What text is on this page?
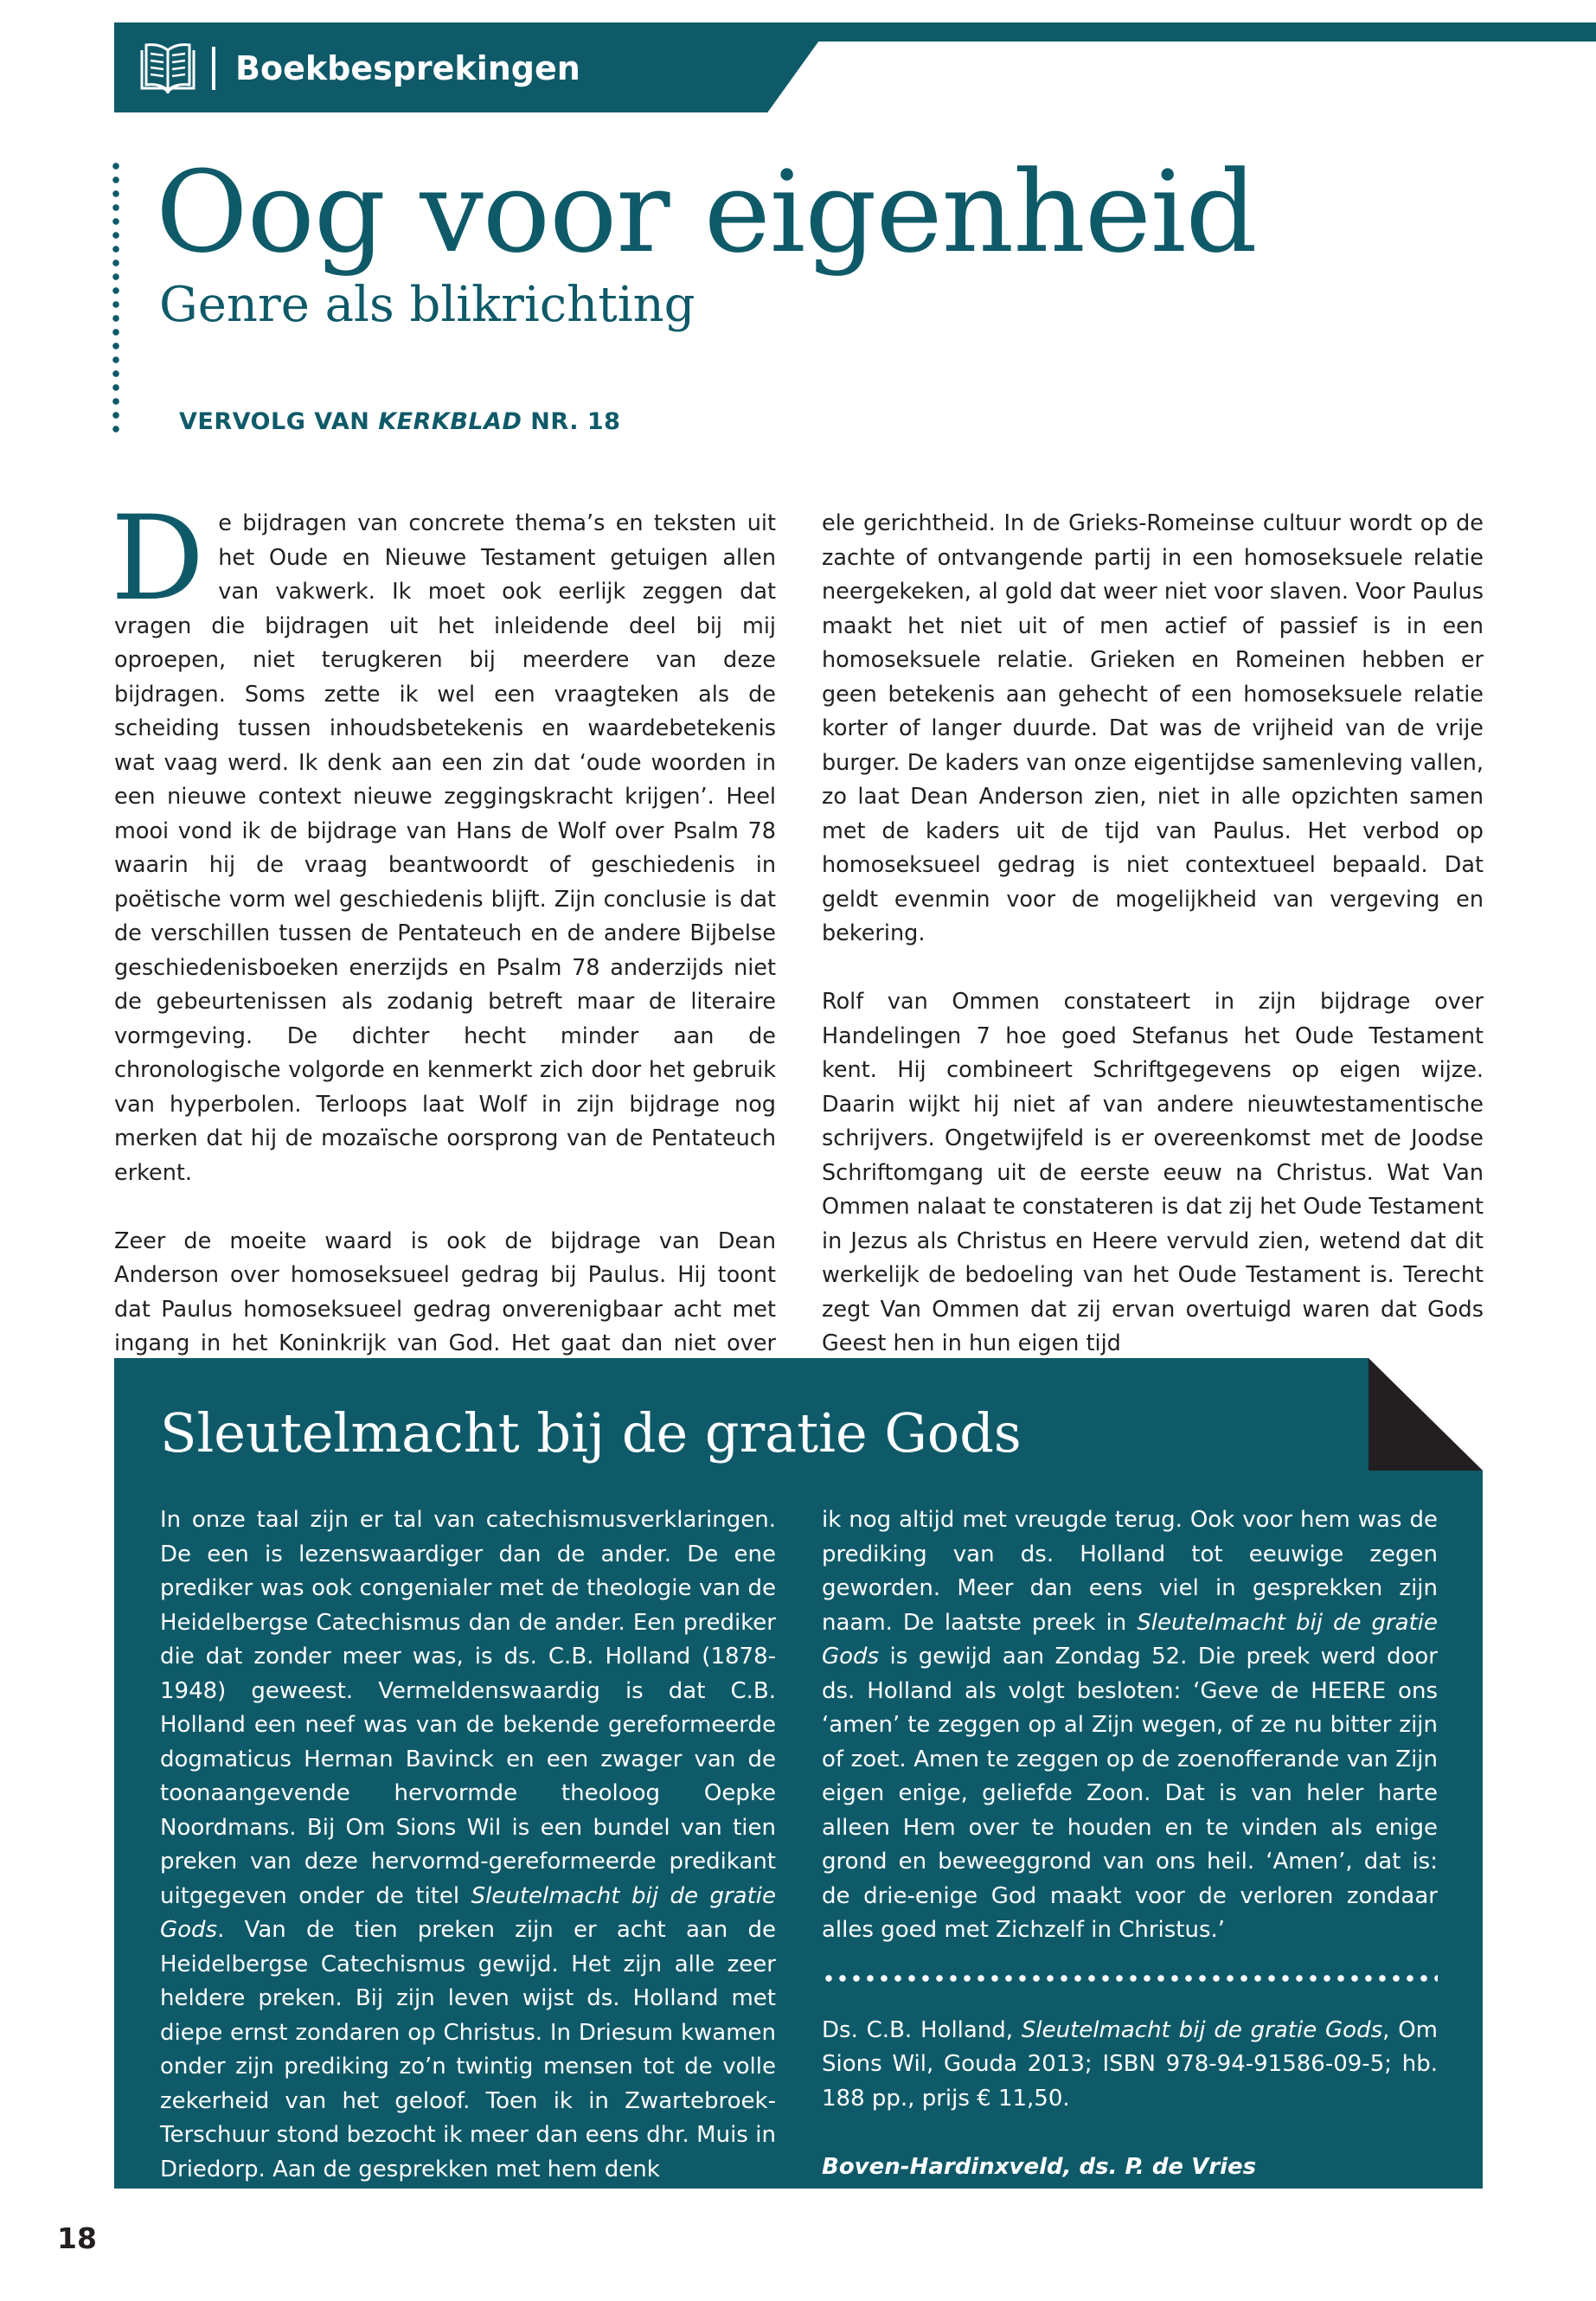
Boekbesprekingen
Oog voor eigenheid
Genre als blikrichting
VERVOLG VAN KERKBLAD NR. 18

De bijdragen van concrete thema’s en teksten uit het Oude en Nieuwe Testament getuigen allen van vakwerk. Ik moet ook eerlijk zeggen dat vragen die bijdragen uit het inleidende deel bij mij oproepen, niet terugkeren bij meerdere van deze bijdragen. Soms zette ik wel een vraagteken als de scheiding tussen inhoudsbetekenis en waardebetekenis wat vaag werd. Ik denk aan een zin dat ‘oude woorden in een nieuwe context nieuwe zeggingskracht krijgen’. Heel mooi vond ik de bijdrage van Hans de Wolf over Psalm 78 waarin hij de vraag beantwoordt of geschiedenis in poëtische vorm wel geschiedenis blijft. Zijn conclusie is dat de verschillen tussen de Pentateuch en de andere Bijbelse geschiedenisboeken enerzijds en Psalm 78 anderzijds niet de gebeurtenissen als zodanig betreft maar de literaire vormgeving. De dichter hecht minder aan de chronologische volgorde en kenmerkt zich door het gebruik van hyperbolen. Terloops laat Wolf in zijn bijdrage nog merken dat hij de mozaïsche oorsprong van de Pentateuch erkent.

Zeer de moeite waard is ook de bijdrage van Dean Anderson over homoseksueel gedrag bij Paulus. Hij toont dat Paulus homoseksueel gedrag onverenigbaar acht met ingang in het Koninkrijk van God. Het gaat dan niet over

ele gerichtheid. In de Grieks-Romeinse cultuur wordt op de zachte of ontvangende partij in een homoseksuele relatie neergekeken, al gold dat weer niet voor slaven. Voor Paulus maakt het niet uit of men actief of passief is in een homoseksuele relatie. Grieken en Romeinen hebben er geen betekenis aan gehecht of een homoseksuele relatie korter of langer duurde. Dat was de vrijheid van de vrije burger. De kaders van onze eigentijdse samenleving vallen, zo laat Dean Anderson zien, niet in alle opzichten samen met de kaders uit de tijd van Paulus. Het verbod op homoseksueel gedrag is niet contextueel bepaald. Dat geldt evenmin voor de mogelijkheid van vergeving en bekering.

Rolf van Ommen constateert in zijn bijdrage over Handelingen 7 hoe goed Stefanus het Oude Testament kent. Hij combineert Schriftgegevens op eigen wijze. Daarin wijkt hij niet af van andere nieuwtestamentische schrijvers. Ongetwijfeld is er overeenkomst met de Joodse Schriftomgang uit de eerste eeuw na Christus. Wat Van Ommen nalaat te constateren is dat zij het Oude Testament in Jezus als Christus en Heere vervuld zien, wetend dat dit werkelijk de bedoeling van het Oude Testament is. Terecht zegt Van Ommen dat zij ervan overtuigd waren dat Gods Geest hen in hun eigen tijd

Sleutelmacht bij de gratie Gods

In onze taal zijn er tal van catechismusverklaringen. De een is lezenswaardiger dan de ander. De ene prediker was ook congenialer met de theologie van de Heidelbergse Catechismus dan de ander. Een prediker die dat zonder meer was, is ds. C.B. Holland (1878-1948) geweest. Vermeldenswaardig is dat C.B. Holland een neef was van de bekende gereformeerde dogmaticus Herman Bavinck en een zwager van de toonaangevende hervormde theoloog Oepke Noordmans. Bij Om Sions Wil is een bundel van tien preken van deze hervormd-gereformeerde predikant uitgegeven onder de titel Sleutelmacht bij de gratie Gods. Van de tien preken zijn er acht aan de Heidelbergse Catechismus gewijd. Het zijn alle zeer heldere preken. Bij zijn leven wijst ds. Holland met diepe ernst zondaren op Christus. In Driesum kwamen onder zijn prediking zo’n twintig mensen tot de volle zekerheid van het geloof. Toen ik in Zwartebroek-Terschuur stond bezocht ik meer dan eens dhr. Muis in Driedorp. Aan de gesprekken met hem denk

ik nog altijd met vreugde terug. Ook voor hem was de prediking van ds. Holland tot eeuwige zegen geworden. Meer dan eens viel in gesprekken zijn naam. De laatste preek in Sleutelmacht bij de gratie Gods is gewijd aan Zondag 52. Die preek werd door ds. Holland als volgt besloten: ‘Geve de HEERE ons ‘amen’ te zeggen op al Zijn wegen, of ze nu bitter zijn of zoet. Amen te zeggen op de zoenofferande van Zijn eigen enige, geliefde Zoon. Dat is van heler harte alleen Hem over te houden en te vinden als enige grond en beweeggrond van ons heil. ‘Amen’, dat is: de drie-enige God maakt voor de verloren zondaar alles goed met Zichzelf in Christus.’

Ds. C.B. Holland, Sleutelmacht bij de gratie Gods, Om Sions Wil, Gouda 2013; ISBN 978-94-91586-09-5; hb. 188 pp., prijs € 11,50.

Boven-Hardinxveld, ds. P. de Vries

18
